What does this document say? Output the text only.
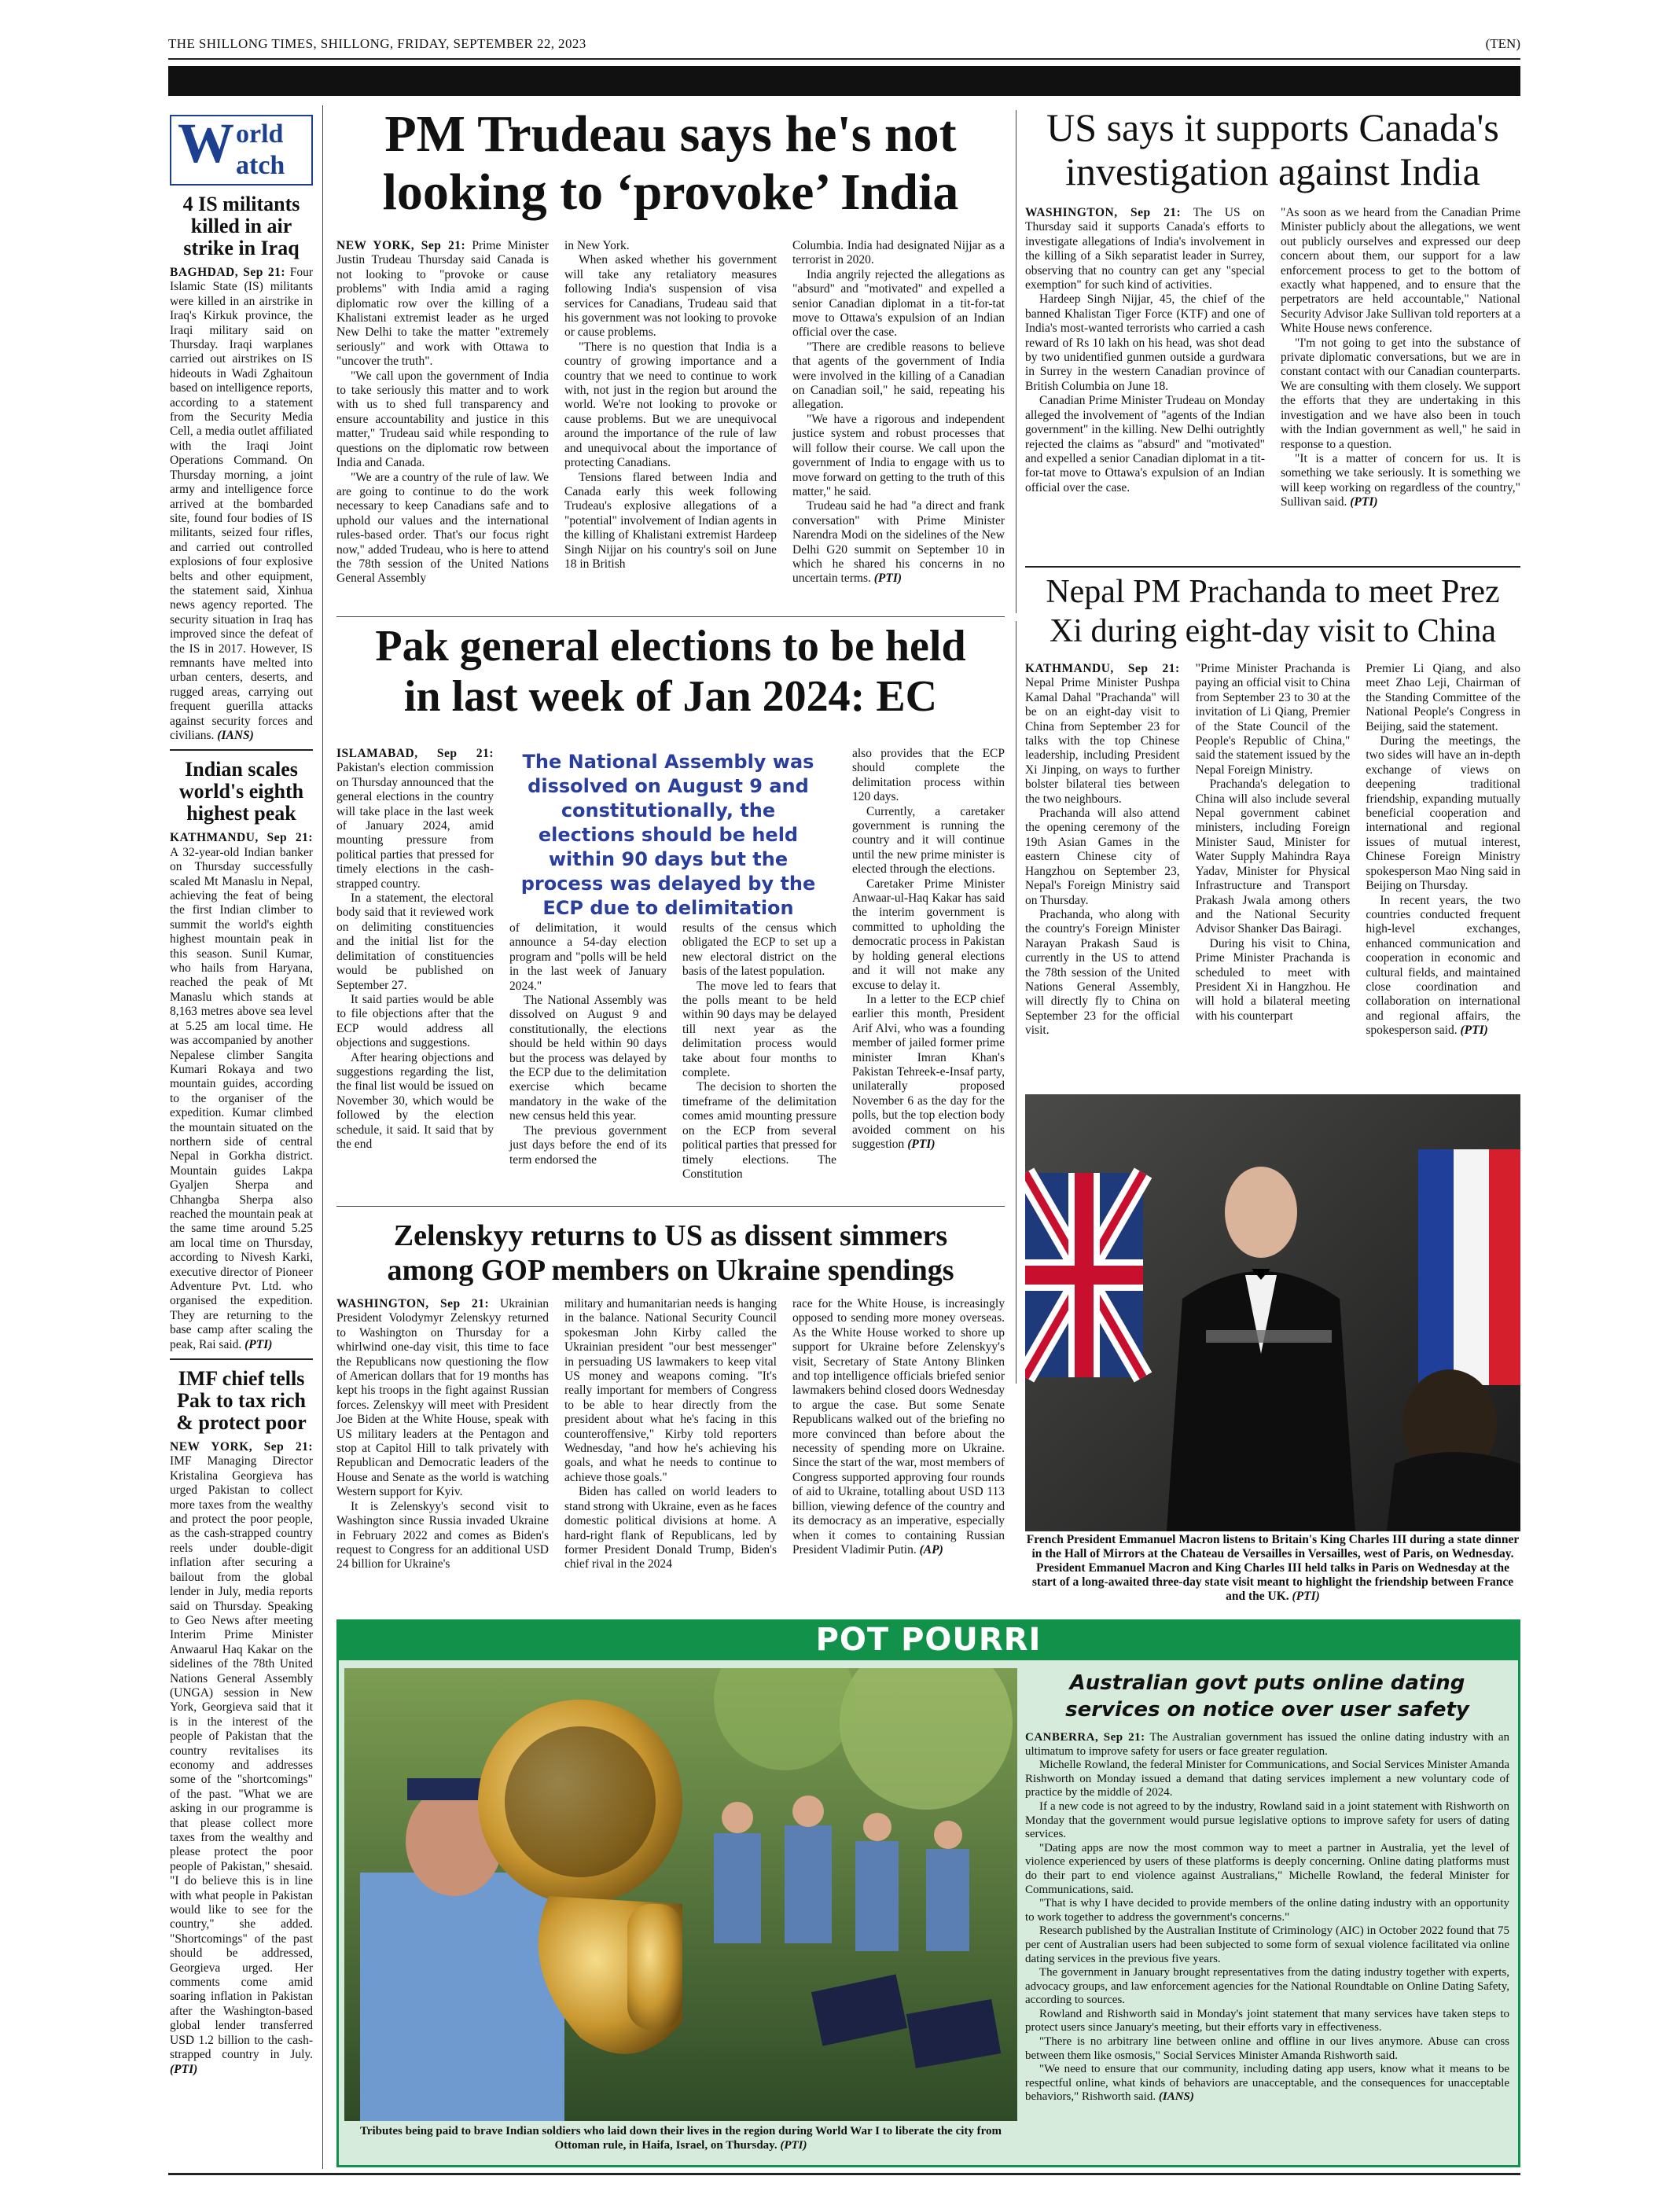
THE SHILLONG TIMES, SHILLONG, FRIDAY, SEPTEMBER 22, 2023	(TEN)
W orld
atch
4 IS militants killed in air strike in Iraq

BAGHDAD, Sep 21: Four Islamic State (IS) militants were killed in an airstrike in Iraq's Kirkuk province, the Iraqi military said on Thursday. Iraqi warplanes carried out airstrikes on IS hideouts in Wadi Zghaitoun based on intelligence reports, according to a statement from the Security Media Cell, a media outlet affiliated with the Iraqi Joint Operations Command. On Thursday morning, a joint army and intelligence force arrived at the bombarded site, found four bodies of IS militants, seized four rifles, and carried out controlled explosions of four explosive belts and other equipment, the statement said, Xinhua news agency reported. The security situation in Iraq has improved since the defeat of the IS in 2017. However, IS remnants have melted into urban centers, deserts, and rugged areas, carrying out frequent guerilla attacks against security forces and civilians. (IANS)

Indian scales world's eighth highest peak

KATHMANDU, Sep 21: A 32-year-old Indian banker on Thursday successfully scaled Mt Manaslu in Nepal, achieving the feat of being the first Indian climber to summit the world's eighth highest mountain peak in this season. Sunil Kumar, who hails from Haryana, reached the peak of Mt Manaslu which stands at 8,163 metres above sea level at 5.25 am local time. He was accompanied by another Nepalese climber Sangita Kumari Rokaya and two mountain guides, according to the organiser of the expedition. Kumar climbed the mountain situated on the northern side of central Nepal in Gorkha district. Mountain guides Lakpa Gyaljen Sherpa and Chhangba Sherpa also reached the mountain peak at the same time around 5.25 am local time on Thursday, according to Nivesh Karki, executive director of Pioneer Adventure Pvt. Ltd. who organised the expedition. They are returning to the base camp after scaling the peak, Rai said. (PTI)

IMF chief tells Pak to tax rich & protect poor

NEW YORK, Sep 21: IMF Managing Director Kristalina Georgieva has urged Pakistan to collect more taxes from the wealthy and protect the poor people, as the cash-strapped country reels under double-digit inflation after securing a bailout from the global lender in July, media reports said on Thursday. Speaking to Geo News after meeting Interim Prime Minister Anwaarul Haq Kakar on the sidelines of the 78th United Nations General Assembly (UNGA) session in New York, Georgieva said that it is in the interest of the people of Pakistan that the country revitalises its economy and addresses some of the "shortcomings" of the past. "What we are asking in our programme is that please collect more taxes from the wealthy and please protect the poor people of Pakistan," shesaid. "I do believe this is in line with what people in Pakistan would like to see for the country," she added. "Shortcomings" of the past should be addressed, Georgieva urged. Her comments come amid soaring inflation in Pakistan after the Washington-based global lender transferred USD 1.2 billion to the cash-strapped country in July. (PTI)

PM Trudeau says he's not looking to ‘provoke’ India

NEW YORK, Sep 21: Prime Minister Justin Trudeau Thursday said Canada is not looking to "provoke or cause problems" with India amid a raging diplomatic row over the killing of a Khalistani extremist leader as he urged New Delhi to take the matter "extremely seriously" and work with Ottawa to "uncover the truth".

"We call upon the government of India to take seriously this matter and to work with us to shed full transparency and ensure accountability and justice in this matter," Trudeau said while responding to questions on the diplomatic row between India and Canada.

"We are a country of the rule of law. We are going to continue to do the work necessary to keep Canadians safe and to uphold our values and the international rules-based order. That's our focus right now," added Trudeau, who is here to attend the 78th session of the United Nations General Assembly

in New York.

When asked whether his government will take any retaliatory measures following India's suspension of visa services for Canadians, Trudeau said that his government was not looking to provoke or cause problems.

"There is no question that India is a country of growing importance and a country that we need to continue to work with, not just in the region but around the world. We're not looking to provoke or cause problems. But we are unequivocal around the importance of the rule of law and unequivocal about the importance of protecting Canadians.

Tensions flared between India and Canada early this week following Trudeau's explosive allegations of a "potential" involvement of Indian agents in the killing of Khalistani extremist Hardeep Singh Nijjar on his country's soil on June 18 in British

Columbia. India had designated Nijjar as a terrorist in 2020.

India angrily rejected the allegations as "absurd" and "motivated" and expelled a senior Canadian diplomat in a tit-for-tat move to Ottawa's expulsion of an Indian official over the case.

"There are credible reasons to believe that agents of the government of India were involved in the killing of a Canadian on Canadian soil," he said, repeating his allegation.

"We have a rigorous and independent justice system and robust processes that will follow their course. We call upon the government of India to engage with us to move forward on getting to the truth of this matter," he said.

Trudeau said he had "a direct and frank conversation" with Prime Minister Narendra Modi on the sidelines of the New Delhi G20 summit on September 10 in which he shared his concerns in no uncertain terms. (PTI)

US says it supports Canada's investigation against India

WASHINGTON, Sep 21: The US on Thursday said it supports Canada's efforts to investigate allegations of India's involvement in the killing of a Sikh separatist leader in Surrey, observing that no country can get any "special exemption" for such kind of activities.

Hardeep Singh Nijjar, 45, the chief of the banned Khalistan Tiger Force (KTF) and one of India's most-wanted terrorists who carried a cash reward of Rs 10 lakh on his head, was shot dead by two unidentified gunmen outside a gurdwara in Surrey in the western Canadian province of British Columbia on June 18.

Canadian Prime Minister Trudeau on Monday alleged the involvement of "agents of the Indian government" in the killing. New Delhi outrightly rejected the claims as "absurd" and "motivated" and expelled a senior Canadian diplomat in a tit-for-tat move to Ottawa's expulsion of an Indian official over the case.

"As soon as we heard from the Canadian Prime Minister publicly about the allegations, we went out publicly ourselves and expressed our deep concern about them, our support for a law enforcement process to get to the bottom of exactly what happened, and to ensure that the perpetrators are held accountable," National Security Advisor Jake Sullivan told reporters at a White House news conference.

"I'm not going to get into the substance of private diplomatic conversations, but we are in constant contact with our Canadian counterparts. We are consulting with them closely. We support the efforts that they are undertaking in this investigation and we have also been in touch with the Indian government as well," he said in response to a question.

"It is a matter of concern for us. It is something we take seriously. It is something we will keep working on regardless of the country," Sullivan said. (PTI)

Pak general elections to be held in last week of Jan 2024: EC

ISLAMABAD, Sep 21: Pakistan's election commission on Thursday announced that the general elections in the country will take place in the last week of January 2024, amid mounting pressure from political parties that pressed for timely elections in the cash-strapped country.

In a statement, the electoral body said that it reviewed work on delimiting constituencies and the initial list for the delimitation of constituencies would be published on September 27.

It said parties would be able to file objections after that the ECP would address all objections and suggestions.

After hearing objections and suggestions regarding the list, the final list would be issued on November 30, which would be followed by the election schedule, it said. It said that by the end

The National Assembly was dissolved on August 9 and constitutionally, the elections should be held within 90 days but the process was delayed by the ECP due to delimitation

of delimitation, it would announce a 54-day election program and "polls will be held in the last week of January 2024."

The National Assembly was dissolved on August 9 and constitutionally, the elections should be held within 90 days but the process was delayed by the ECP due to the delimitation exercise which became mandatory in the wake of the new census held this year.

The previous government just days before the end of its term endorsed the

results of the census which obligated the ECP to set up a new electoral district on the basis of the latest population.

The move led to fears that the polls meant to be held within 90 days may be delayed till next year as the delimitation process would take about four months to complete.

The decision to shorten the timeframe of the delimitation comes amid mounting pressure on the ECP from several political parties that pressed for timely elections. The Constitution

also provides that the ECP should complete the delimitation process within 120 days.

Currently, a caretaker government is running the country and it will continue until the new prime minister is elected through the elections.

Caretaker Prime Minister Anwaar-ul-Haq Kakar has said the interim government is committed to upholding the democratic process in Pakistan by holding general elections and it will not make any excuse to delay it.

In a letter to the ECP chief earlier this month, President Arif Alvi, who was a founding member of jailed former prime minister Imran Khan's Pakistan Tehreek-e-Insaf party, unilaterally proposed November 6 as the day for the polls, but the top election body avoided comment on his suggestion (PTI)

Nepal PM Prachanda to meet Prez Xi during eight-day visit to China

KATHMANDU, Sep 21: Nepal Prime Minister Pushpa Kamal Dahal "Prachanda" will be on an eight-day visit to China from September 23 for talks with the top Chinese leadership, including President Xi Jinping, on ways to further bolster bilateral ties between the two neighbours.

Prachanda will also attend the opening ceremony of the 19th Asian Games in the eastern Chinese city of Hangzhou on September 23, Nepal's Foreign Ministry said on Thursday.

Prachanda, who along with the country's Foreign Minister Narayan Prakash Saud is currently in the US to attend the 78th session of the United Nations General Assembly, will directly fly to China on September 23 for the official visit.

"Prime Minister Prachanda is paying an official visit to China from September 23 to 30 at the invitation of Li Qiang, Premier of the State Council of the People's Republic of China," said the statement issued by the Nepal Foreign Ministry.

Prachanda's delegation to China will also include several Nepal government cabinet ministers, including Foreign Minister Saud, Minister for Water Supply Mahindra Raya Yadav, Minister for Physical Infrastructure and Transport Prakash Jwala among others and the National Security Advisor Shanker Das Bairagi.

During his visit to China, Prime Minister Prachanda is scheduled to meet with President Xi in Hangzhou. He will hold a bilateral meeting with his counterpart

Premier Li Qiang, and also meet Zhao Leji, Chairman of the Standing Committee of the National People's Congress in Beijing, said the statement.

During the meetings, the two sides will have an in-depth exchange of views on deepening traditional friendship, expanding mutually beneficial cooperation and international and regional issues of mutual interest, Chinese Foreign Ministry spokesperson Mao Ning said in Beijing on Thursday.

In recent years, the two countries conducted frequent high-level exchanges, enhanced communication and cooperation in economic and cultural fields, and maintained close coordination and collaboration on international and regional affairs, the spokesperson said. (PTI)

French President Emmanuel Macron listens to Britain's King Charles III during a state dinner in the Hall of Mirrors at the Chateau de Versailles in Versailles, west of Paris, on Wednesday. President Emmanuel Macron and King Charles III held talks in Paris on Wednesday at the start of a long-awaited three-day state visit meant to highlight the friendship between France and the UK. (PTI)
Zelenskyy returns to US as dissent simmers among GOP members on Ukraine spendings

WASHINGTON, Sep 21: Ukrainian President Volodymyr Zelenskyy returned to Washington on Thursday for a whirlwind one-day visit, this time to face the Republicans now questioning the flow of American dollars that for 19 months has kept his troops in the fight against Russian forces. Zelenskyy will meet with President Joe Biden at the White House, speak with US military leaders at the Pentagon and stop at Capitol Hill to talk privately with Republican and Democratic leaders of the House and Senate as the world is watching Western support for Kyiv.

It is Zelenskyy's second visit to Washington since Russia invaded Ukraine in February 2022 and comes as Biden's request to Congress for an additional USD 24 billion for Ukraine's

military and humanitarian needs is hanging in the balance. National Security Council spokesman John Kirby called the Ukrainian president "our best messenger" in persuading US lawmakers to keep vital US money and weapons coming. "It's really important for members of Congress to be able to hear directly from the president about what he's facing in this counteroffensive," Kirby told reporters Wednesday, "and how he's achieving his goals, and what he needs to continue to achieve those goals."

Biden has called on world leaders to stand strong with Ukraine, even as he faces domestic political divisions at home. A hard-right flank of Republicans, led by former President Donald Trump, Biden's chief rival in the 2024

race for the White House, is increasingly opposed to sending more money overseas. As the White House worked to shore up support for Ukraine before Zelenskyy's visit, Secretary of State Antony Blinken and top intelligence officials briefed senior lawmakers behind closed doors Wednesday to argue the case. But some Senate Republicans walked out of the briefing no more convinced than before about the necessity of spending more on Ukraine. Since the start of the war, most members of Congress supported approving four rounds of aid to Ukraine, totalling about USD 113 billion, viewing defence of the country and its democracy as an imperative, especially when it comes to containing Russian President Vladimir Putin. (AP)

POT POURRI
Tributes being paid to brave Indian soldiers who laid down their lives in the region during World War I to liberate the city from Ottoman rule, in Haifa, Israel, on Thursday. (PTI)
Australian govt puts online dating services on notice over user safety

CANBERRA, Sep 21: The Australian government has issued the online dating industry with an ultimatum to improve safety for users or face greater regulation.

Michelle Rowland, the federal Minister for Communications, and Social Services Minister Amanda Rishworth on Monday issued a demand that dating services implement a new voluntary code of practice by the middle of 2024.

If a new code is not agreed to by the industry, Rowland said in a joint statement with Rishworth on Monday that the government would pursue legislative options to improve safety for users of dating services.

"Dating apps are now the most common way to meet a partner in Australia, yet the level of violence experienced by users of these platforms is deeply concerning. Online dating platforms must do their part to end violence against Australians," Michelle Rowland, the federal Minister for Communications, said.

"That is why I have decided to provide members of the online dating industry with an opportunity to work together to address the government's concerns."

Research published by the Australian Institute of Criminology (AIC) in October 2022 found that 75 per cent of Australian users had been subjected to some form of sexual violence facilitated via online dating services in the previous five years.

The government in January brought representatives from the dating industry together with experts, advocacy groups, and law enforcement agencies for the National Roundtable on Online Dating Safety, according to sources.

Rowland and Rishworth said in Monday's joint statement that many services have taken steps to protect users since January's meeting, but their efforts vary in effectiveness.

"There is no arbitrary line between online and offline in our lives anymore. Abuse can cross between them like osmosis," Social Services Minister Amanda Rishworth said.

"We need to ensure that our community, including dating app users, know what it means to be respectful online, what kinds of behaviors are unacceptable, and the consequences for unacceptable behaviors," Rishworth said. (IANS)
